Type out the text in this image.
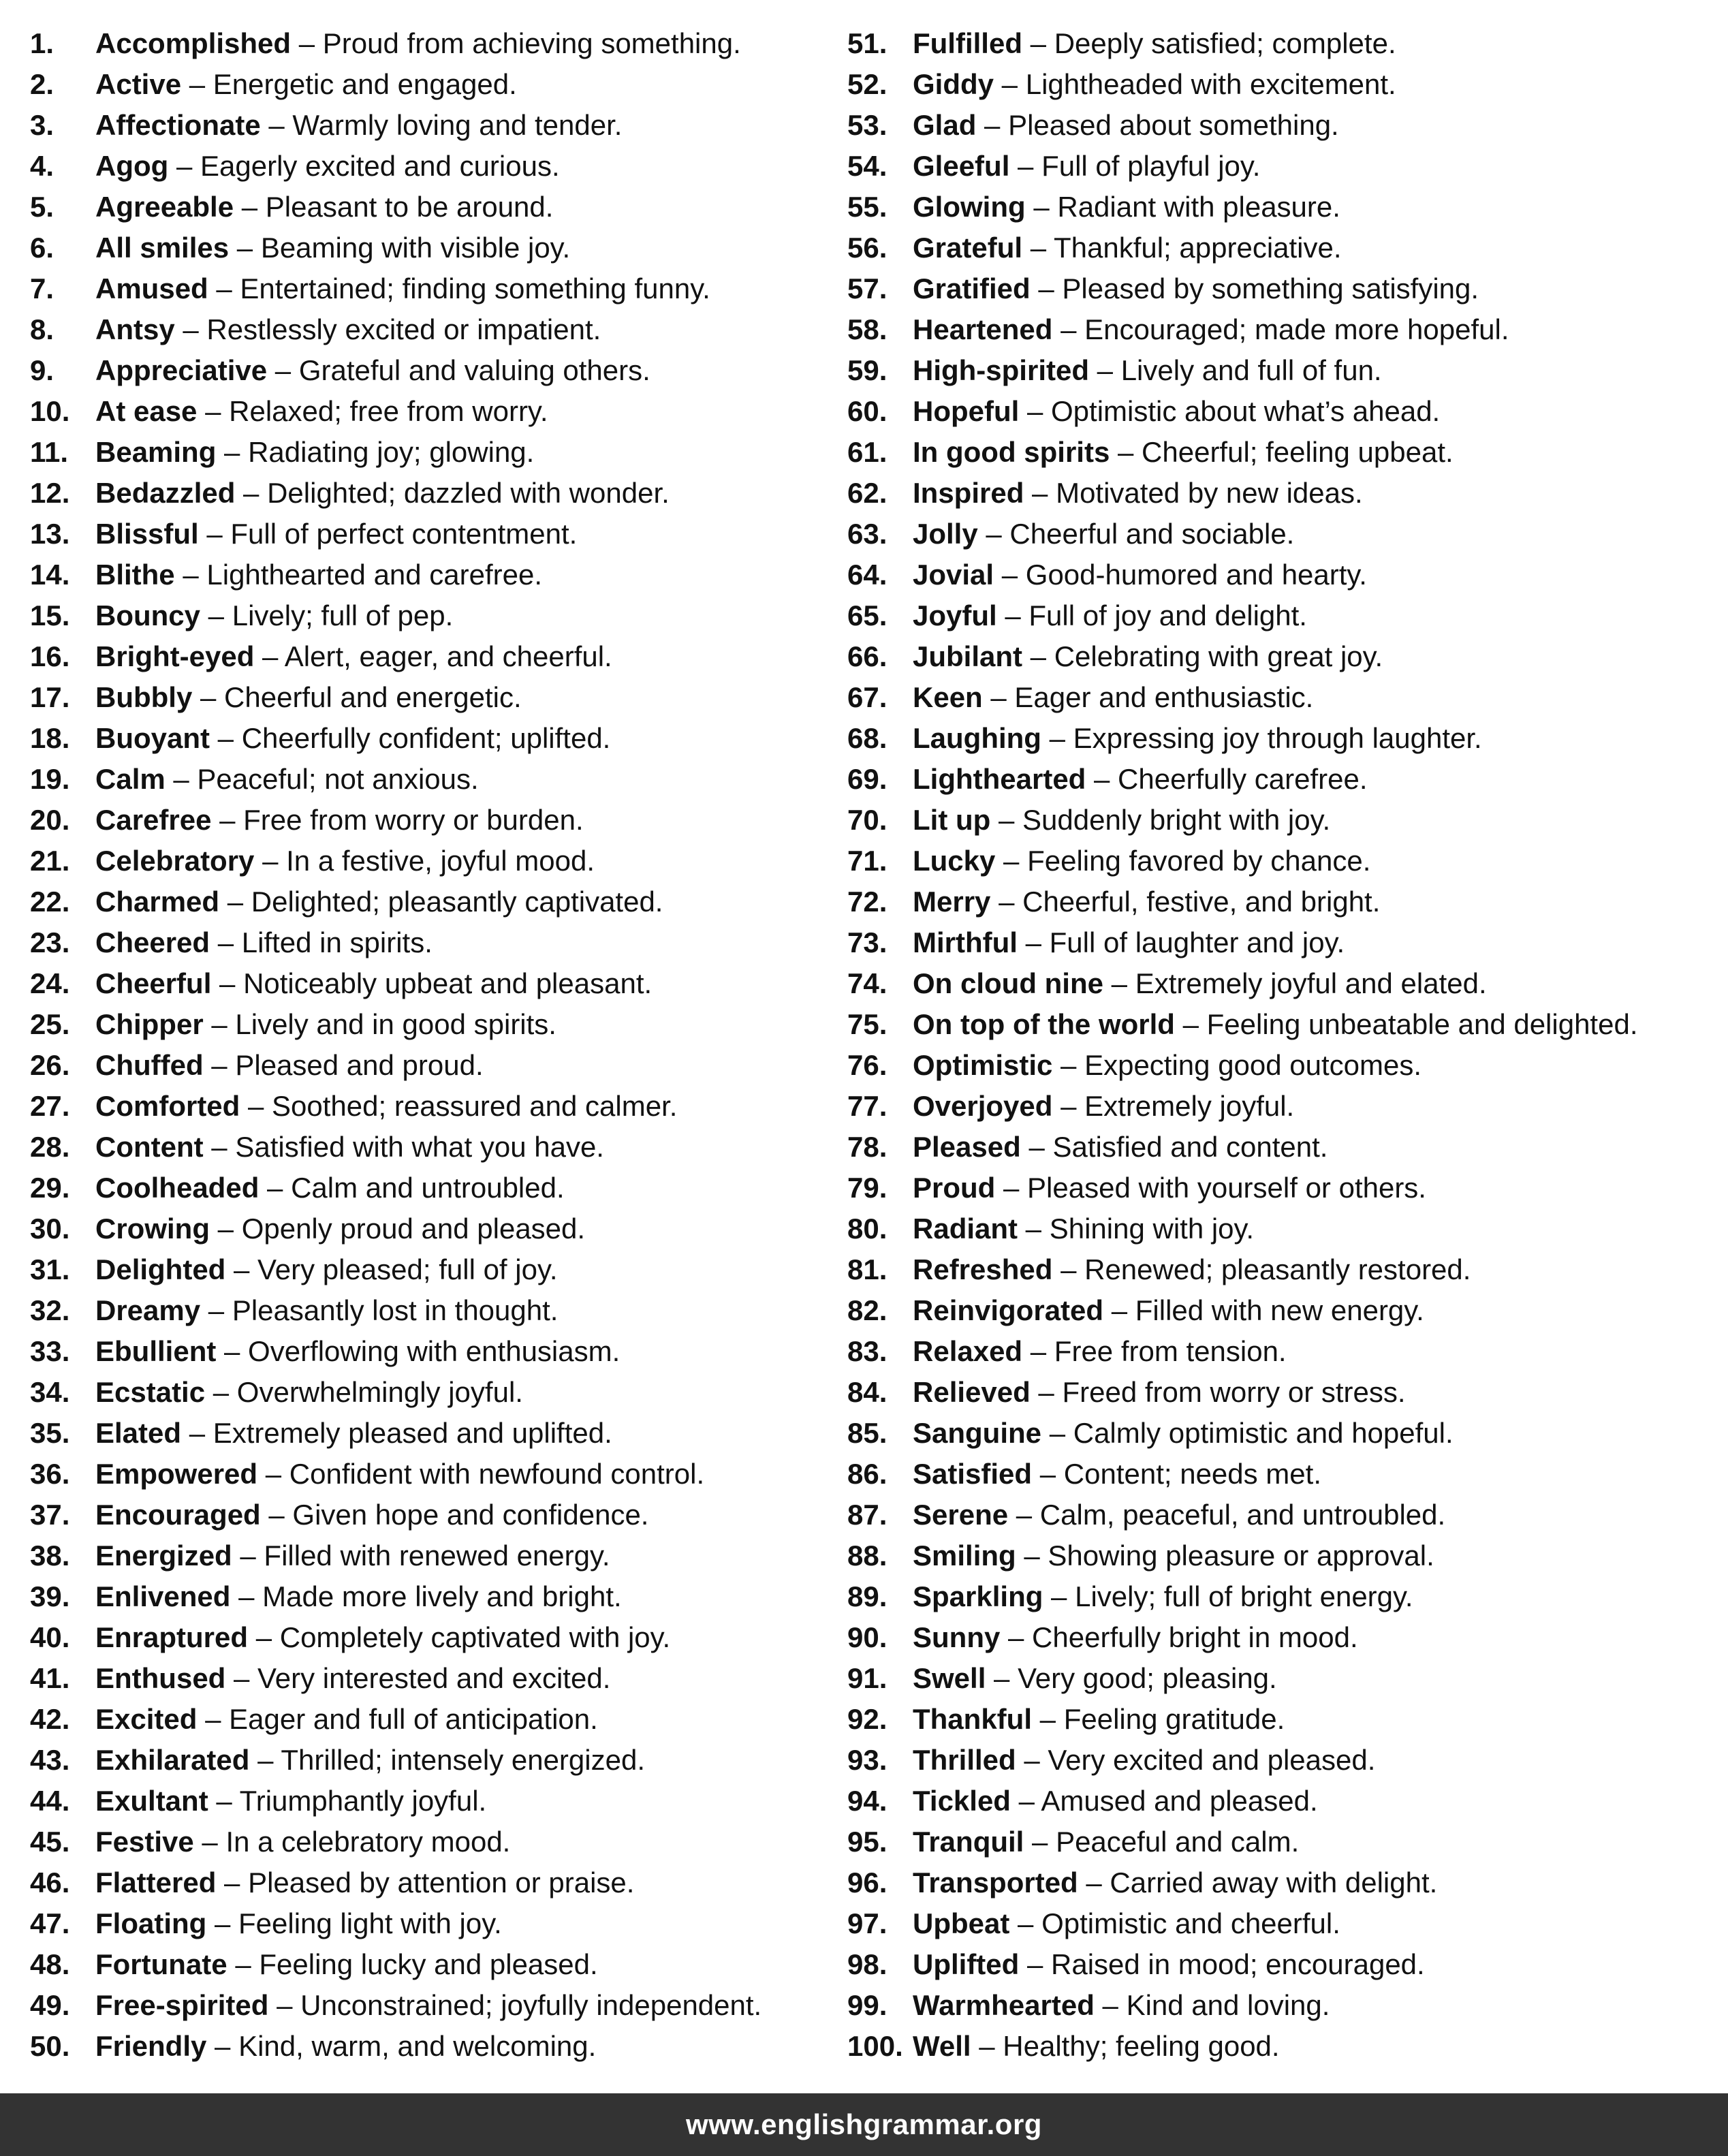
1. Accomplished – Proud from achieving something.
2. Active – Energetic and engaged.
3. Affectionate – Warmly loving and tender.
4. Agog – Eagerly excited and curious.
5. Agreeable – Pleasant to be around.
6. All smiles – Beaming with visible joy.
7. Amused – Entertained; finding something funny.
8. Antsy – Restlessly excited or impatient.
9. Appreciative – Grateful and valuing others.
10. At ease – Relaxed; free from worry.
11. Beaming – Radiating joy; glowing.
12. Bedazzled – Delighted; dazzled with wonder.
13. Blissful – Full of perfect contentment.
14. Blithe – Lighthearted and carefree.
15. Bouncy – Lively; full of pep.
16. Bright-eyed – Alert, eager, and cheerful.
17. Bubbly – Cheerful and energetic.
18. Buoyant – Cheerfully confident; uplifted.
19. Calm – Peaceful; not anxious.
20. Carefree – Free from worry or burden.
21. Celebratory – In a festive, joyful mood.
22. Charmed – Delighted; pleasantly captivated.
23. Cheered – Lifted in spirits.
24. Cheerful – Noticeably upbeat and pleasant.
25. Chipper – Lively and in good spirits.
26. Chuffed – Pleased and proud.
27. Comforted – Soothed; reassured and calmer.
28. Content – Satisfied with what you have.
29. Coolheaded – Calm and untroubled.
30. Crowing – Openly proud and pleased.
31. Delighted – Very pleased; full of joy.
32. Dreamy – Pleasantly lost in thought.
33. Ebullient – Overflowing with enthusiasm.
34. Ecstatic – Overwhelmingly joyful.
35. Elated – Extremely pleased and uplifted.
36. Empowered – Confident with newfound control.
37. Encouraged – Given hope and confidence.
38. Energized – Filled with renewed energy.
39. Enlivened – Made more lively and bright.
40. Enraptured – Completely captivated with joy.
41. Enthused – Very interested and excited.
42. Excited – Eager and full of anticipation.
43. Exhilarated – Thrilled; intensely energized.
44. Exultant – Triumphantly joyful.
45. Festive – In a celebratory mood.
46. Flattered – Pleased by attention or praise.
47. Floating – Feeling light with joy.
48. Fortunate – Feeling lucky and pleased.
49. Free-spirited – Unconstrained; joyfully independent.
50. Friendly – Kind, warm, and welcoming.
51. Fulfilled – Deeply satisfied; complete.
52. Giddy – Lightheaded with excitement.
53. Glad – Pleased about something.
54. Gleeful – Full of playful joy.
55. Glowing – Radiant with pleasure.
56. Grateful – Thankful; appreciative.
57. Gratified – Pleased by something satisfying.
58. Heartened – Encouraged; made more hopeful.
59. High-spirited – Lively and full of fun.
60. Hopeful – Optimistic about what’s ahead.
61. In good spirits – Cheerful; feeling upbeat.
62. Inspired – Motivated by new ideas.
63. Jolly – Cheerful and sociable.
64. Jovial – Good-humored and hearty.
65. Joyful – Full of joy and delight.
66. Jubilant – Celebrating with great joy.
67. Keen – Eager and enthusiastic.
68. Laughing – Expressing joy through laughter.
69. Lighthearted – Cheerfully carefree.
70. Lit up – Suddenly bright with joy.
71. Lucky – Feeling favored by chance.
72. Merry – Cheerful, festive, and bright.
73. Mirthful – Full of laughter and joy.
74. On cloud nine – Extremely joyful and elated.
75. On top of the world – Feeling unbeatable and delighted.
76. Optimistic – Expecting good outcomes.
77. Overjoyed – Extremely joyful.
78. Pleased – Satisfied and content.
79. Proud – Pleased with yourself or others.
80. Radiant – Shining with joy.
81. Refreshed – Renewed; pleasantly restored.
82. Reinvigorated – Filled with new energy.
83. Relaxed – Free from tension.
84. Relieved – Freed from worry or stress.
85. Sanguine – Calmly optimistic and hopeful.
86. Satisfied – Content; needs met.
87. Serene – Calm, peaceful, and untroubled.
88. Smiling – Showing pleasure or approval.
89. Sparkling – Lively; full of bright energy.
90. Sunny – Cheerfully bright in mood.
91. Swell – Very good; pleasing.
92. Thankful – Feeling gratitude.
93. Thrilled – Very excited and pleased.
94. Tickled – Amused and pleased.
95. Tranquil – Peaceful and calm.
96. Transported – Carried away with delight.
97. Upbeat – Optimistic and cheerful.
98. Uplifted – Raised in mood; encouraged.
99. Warmhearted – Kind and loving.
100. Well – Healthy; feeling good.
www.englishgrammar.org
